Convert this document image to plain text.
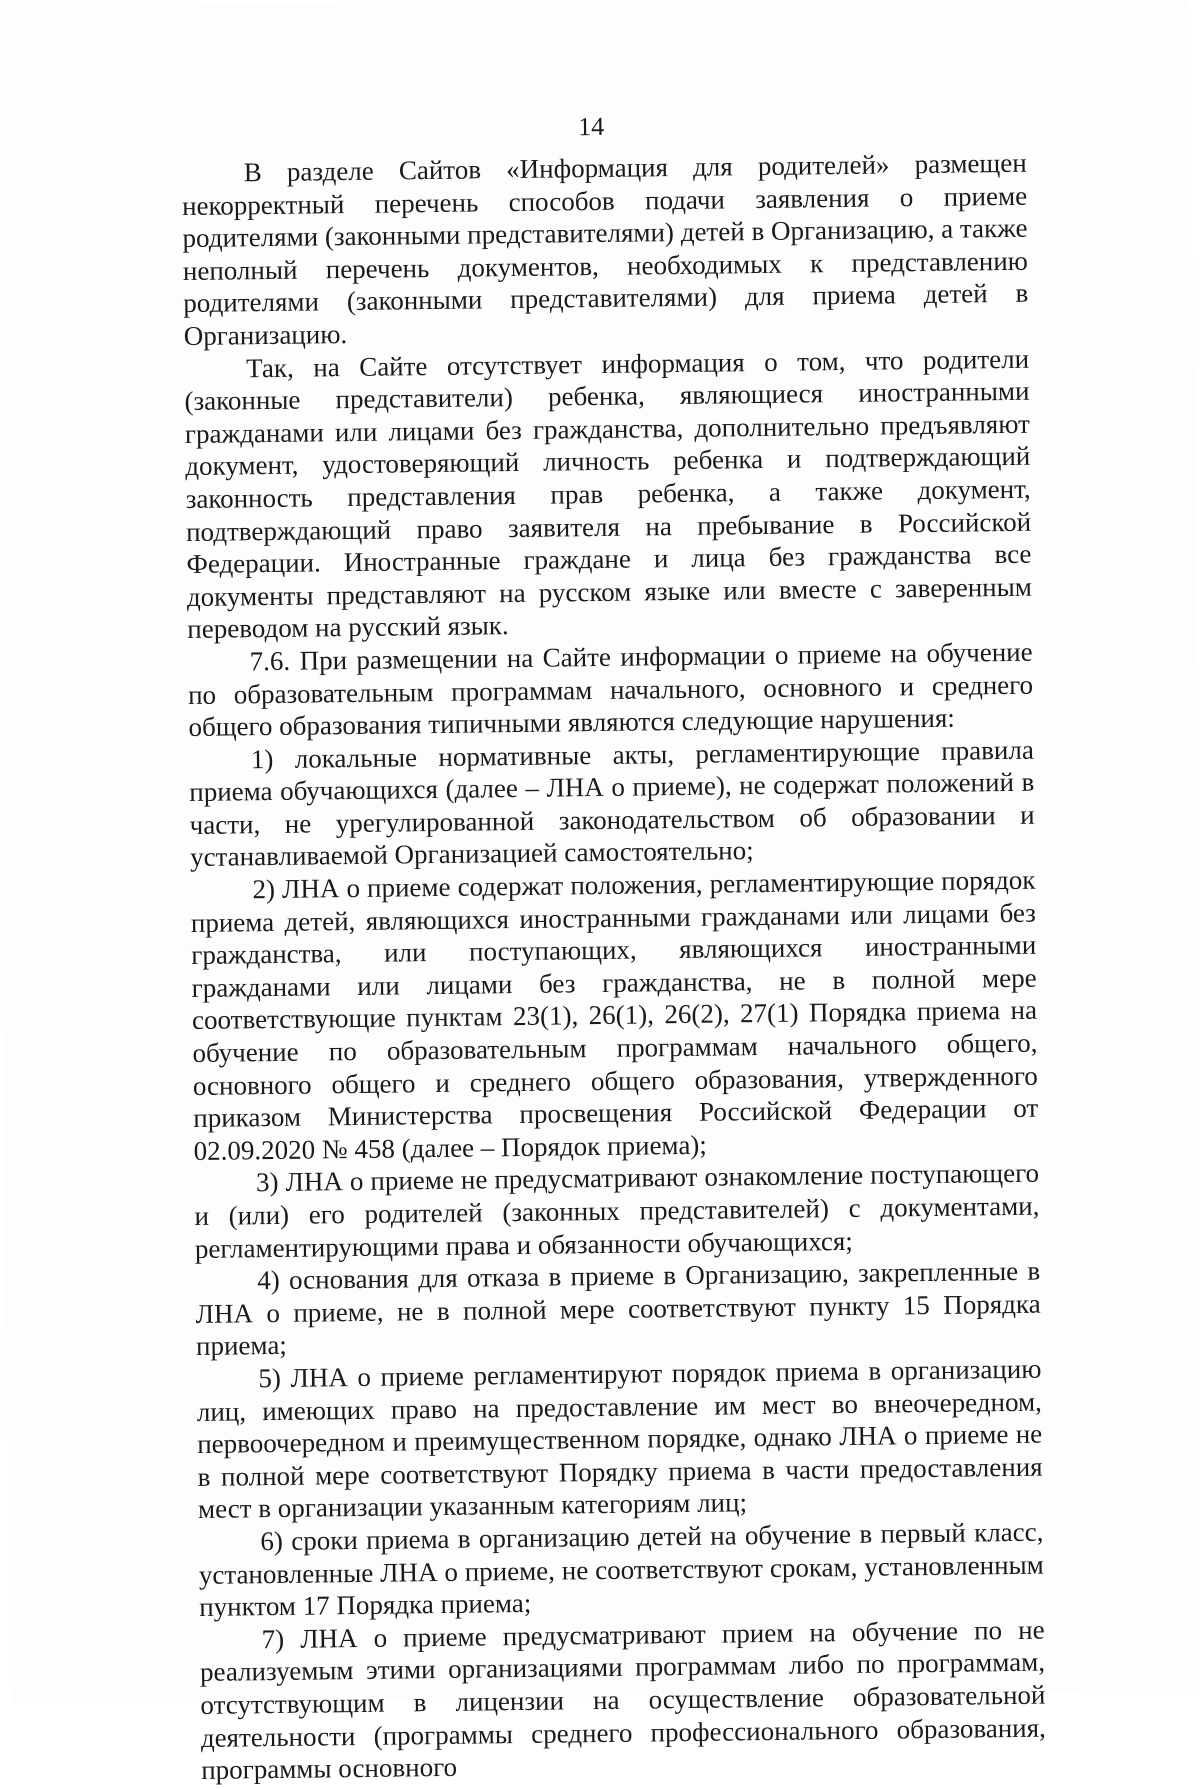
14

В разделе Сайтов «Информация для родителей» размещен некорректный перечень способов подачи заявления о приеме родителями (законными представителями) детей в Организацию, а также неполный перечень документов, необходимых к представлению родителями (законными представителями) для приема детей в Организацию.

Так, на Сайте отсутствует информация о том, что родители (законные представители) ребенка, являющиеся иностранными гражданами или лицами без гражданства, дополнительно предъявляют документ, удостоверяющий личность ребенка и подтверждающий законность представления прав ребенка, а также документ, подтверждающий право заявителя на пребывание в Российской Федерации. Иностранные граждане и лица без гражданства все документы представляют на русском языке или вместе с заверенным переводом на русский язык.

7.6. При размещении на Сайте информации о приеме на обучение по образовательным программам начального, основного и среднего общего образования типичными являются следующие нарушения:

1) локальные нормативные акты, регламентирующие правила приема обучающихся (далее – ЛНА о приеме), не содержат положений в части, не урегулированной законодательством об образовании и устанавливаемой Организацией самостоятельно;

2) ЛНА о приеме содержат положения, регламентирующие порядок приема детей, являющихся иностранными гражданами или лицами без гражданства, или поступающих, являющихся иностранными гражданами или лицами без гражданства, не в полной мере соответствующие пунктам 23(1), 26(1), 26(2), 27(1) Порядка приема на обучение по образовательным программам начального общего, основного общего и среднего общего образования, утвержденного приказом Министерства просвещения Российской Федерации от 02.09.2020 № 458 (далее – Порядок приема);

3) ЛНА о приеме не предусматривают ознакомление поступающего и (или) его родителей (законных представителей) с документами, регламентирующими права и обязанности обучающихся;

4) основания для отказа в приеме в Организацию, закрепленные в ЛНА о приеме, не в полной мере соответствуют пункту 15 Порядка приема;

5) ЛНА о приеме регламентируют порядок приема в организацию лиц, имеющих право на предоставление им мест во внеочередном, первоочередном и преимущественном порядке, однако ЛНА о приеме не в полной мере соответствуют Порядку приема в части предоставления мест в организации указанным категориям лиц;

6) сроки приема в организацию детей на обучение в первый класс, установленные ЛНА о приеме, не соответствуют срокам, установленным пунктом 17 Порядка приема;

7) ЛНА о приеме предусматривают прием на обучение по не реализуемым этими организациями программам либо по программам, отсутствующим в лицензии на осуществление образовательной деятельности (программы среднего профессионального образования, программы основного
